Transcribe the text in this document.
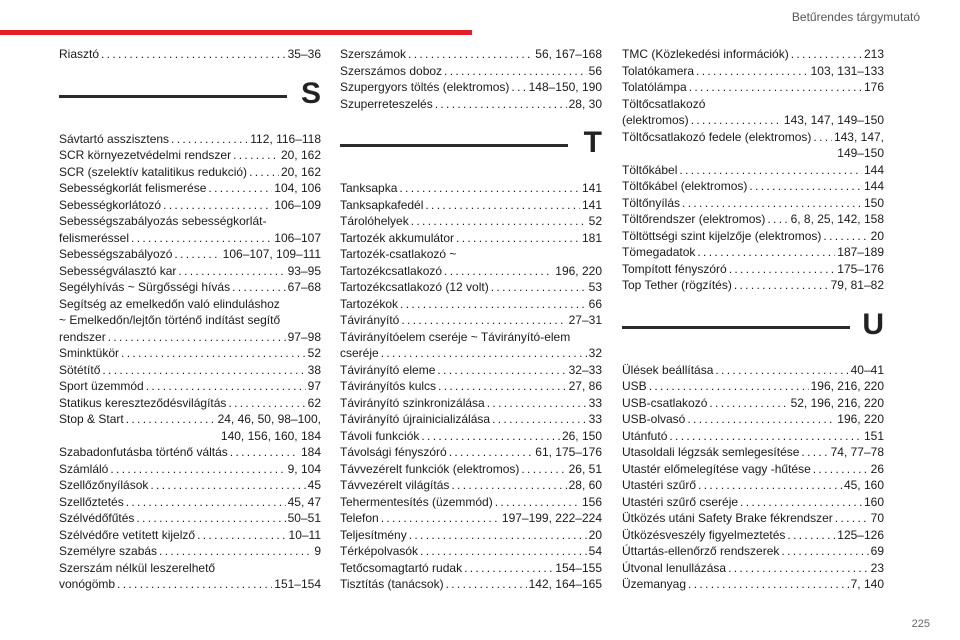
Betűrendes tárgymutató
Riasztó . . .	35–36
S
Sávtartó asszisztens . . .	112, 116–118
SCR környezetvédelmi rendszer . . .	20, 162
SCR (szelektív katalitikus redukció) . . .	20, 162
Sebességkorlát felismerése . . .	104, 106
Sebességkorlátozó . . .	106–109
Sebességszabályozás sebességkorlát-
felismeréssel . . .	106–107
Sebességszabályozó . . .	106–107, 109–111
Sebességválasztó kar . . .	93–95
Segélyhívás ~ Sürgősségi hívás . . .	67–68
Segítség az emelkedőn való elinduláshoz
~ Emelkedőn/lejtőn történő indítást segítő
rendszer . . .	97–98
Sminktükör . . .	52
Sötétítő . . .	38
Sport üzemmód . . .	97
Statikus kereszteződésvilágítás . . .	62
Stop & Start . . .	24, 46, 50, 98–100,
140, 156, 160, 184
Szabadonfutásba történő váltás . . .	184
Számláló . . .	9, 104
Szellőzőnyílások . . .	45
Szellőztetés . . .	45, 47
Szélvédőfűtés . . .	50–51
Szélvédőre vetített kijelző . . .	10–11
Személyre szabás . . .	9
Szerszám nélkül leszerelhető
vonógömb . . .	151–154
Szerszámok . . .	56, 167–168
Szerszámos doboz . . .	56
Szupergyors töltés (elektromos) . . . 148–150, 190
Szuperreteszelés . . .	28, 30
T
Tanksapka . . .	141
Tanksapkafedél . . .	141
Tárolóhelyek . . .	52
Tartozék akkumulátor . . .	181
Tartozék-csatlakozó ~
Tartozékcsatlakozó . . .	196, 220
Tartozékcsatlakozó (12 volt) . . .	53
Tartozékok . . .	66
Távirányító . . .	27–31
Távirányítóelem cseréje ~ Távirányító-elem
cseréje . . .	32
Távirányító eleme . . .	32–33
Távirányítós kulcs . . .	27, 86
Távirányító szinkronizálása . . .	33
Távirányító újrainicializálása . . .	33
Távoli funkciók . . .	26, 150
Távolsági fényszóró . . .	61, 175–176
Távvezérelt funkciók (elektromos) . . .	26, 51
Távvezérelt világítás . . .	28, 60
Tehermentesítés (üzemmód) . . .	156
Telefon . . .	197–199, 222–224
Teljesítmény . . .	20
Térképolvasók . . .	54
Tetőcsomagtartó rudak . . .	154–155
Tisztítás (tanácsok) . . .	142, 164–165
TMC (Közlekedési információk) . . .	213
Tolatókamera . . .	103, 131–133
Tolatólámpa . . .	176
Töltőcsatlakozó
(elektromos) . . .	143, 147, 149–150
Töltőcsatlakozó fedele (elektromos) . . . 143, 147,
149–150
Töltőkábel . . .	144
Töltőkábel (elektromos) . . .	144
Töltőnyílás . . .	150
Töltőrendszer (elektromos) . . . 6, 8, 25, 142, 158
Töltöttségi szint kijelzője (elektromos) . . .	20
Tömegadatok . . .	187–189
Tompított fényszóró . . .	175–176
Top Tether (rögzítés) . . .	79, 81–82
U
Ülések beállítása . . .	40–41
USB . . .	196, 216, 220
USB-csatlakozó . . .	52, 196, 216, 220
USB-olvasó . . .	196, 220
Utánfutó . . .	151
Utasoldali légzsák semlegesítése . . .	74, 77–78
Utastér előmelegítése vagy -hűtése . . .	26
Utastéri szűrő . . .	45, 160
Utastéri szűrő cseréje . . .	160
Ütközés utáni Safety Brake fékrendszer . . .	70
Ütközésveszély figyelmeztetés . . .	125–126
Úttartás-ellenőrző rendszerek . . .	69
Útvonal lenullázása . . .	23
Üzemanyag . . .	7, 140
225
